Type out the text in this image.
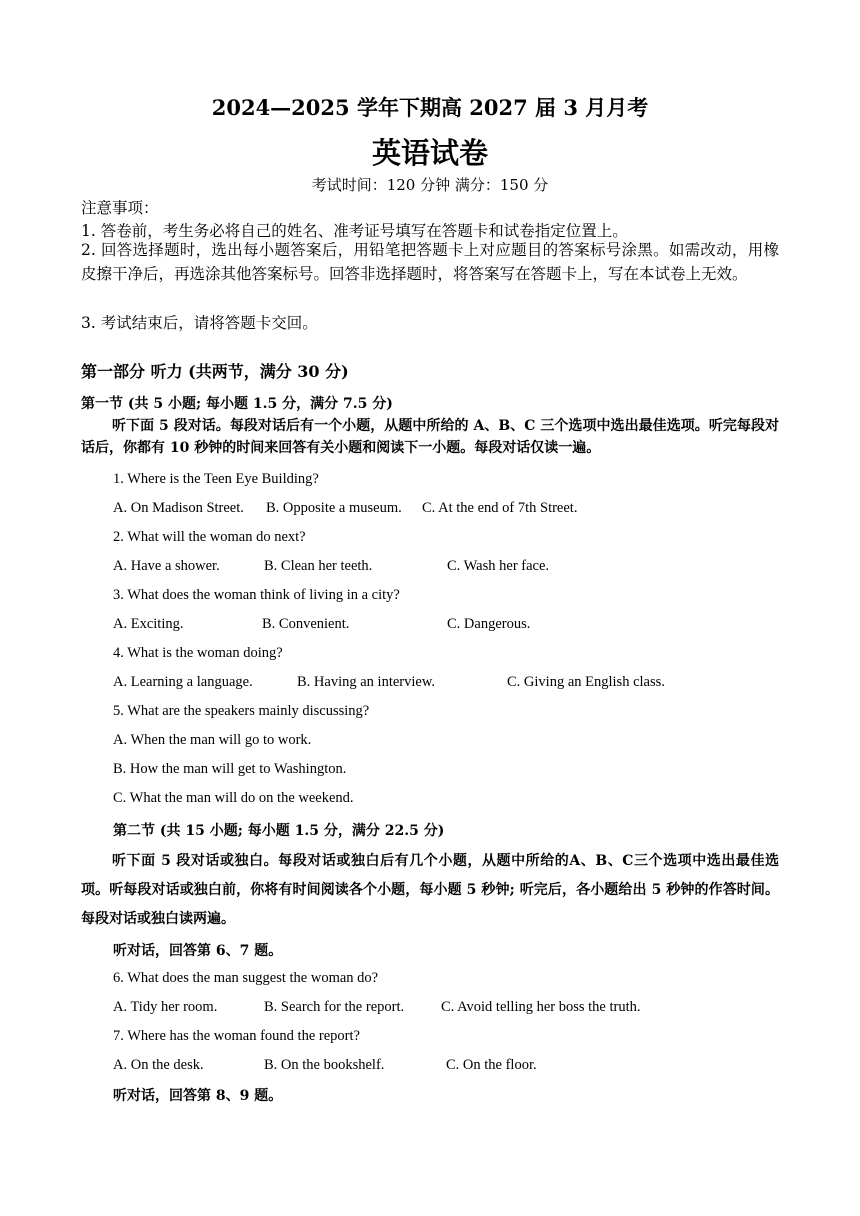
2024—2025 学年下期高 2027 届 3 月月考
英语试卷
考试时间：120 分钟 满分：150 分
注意事项：
1. 答卷前，考生务必将自己的姓名、准考证号填写在答题卡和试卷指定位置上。
2. 回答选择题时，选出每小题答案后，用铅笔把答题卡上对应题目的答案标号涂黑。如需改动，用橡皮擦干净后，再选涂其他答案标号。回答非选择题时，将答案写在答题卡上，写在本试卷上无效。
3. 考试结束后，请将答题卡交回。
第一部分 听力 (共两节，满分 30 分)
第一节 (共 5 小题; 每小题 1.5 分，满分 7.5 分)
听下面 5 段对话。每段对话后有一个小题，从题中所给的 A、B、C 三个选项中选出最佳选项。听完每段对话后，你都有 10 秒钟的时间来回答有关小题和阅读下一小题。每段对话仅读一遍。
1. Where is the Teen Eye Building?
A. On Madison Street. B. Opposite a museum. C. At the end of 7th Street.
2. What will the woman do next?
A. Have a shower.	B. Clean her teeth.	C. Wash her face.
3. What does the woman think of living in a city?
A. Exciting.	B. Convenient.	C. Dangerous.
4. What is the woman doing?
A. Learning a language.	B. Having an interview.	C. Giving an English class.
5. What are the speakers mainly discussing?
A. When the man will go to work.
B. How the man will get to Washington.
C. What the man will do on the weekend.
第二节 (共 15 小题; 每小题 1.5 分，满分 22.5 分)
听下面 5 段对话或独白。每段对话或独白后有几个小题，从题中所给的A、B、C三个选项中选出最佳选项。听每段对话或独白前，你将有时间阅读各个小题，每小题 5 秒钟; 听完后，各小题给出 5 秒钟的作答时间。每段对话或独白读两遍。
听对话，回答第 6、7 题。
6. What does the man suggest the woman do?
A. Tidy her room.	B. Search for the report.	C. Avoid telling her boss the truth.
7. Where has the woman found the report?
A. On the desk.	B. On the bookshelf.	C. On the floor.
听对话，回答第 8、9 题。
